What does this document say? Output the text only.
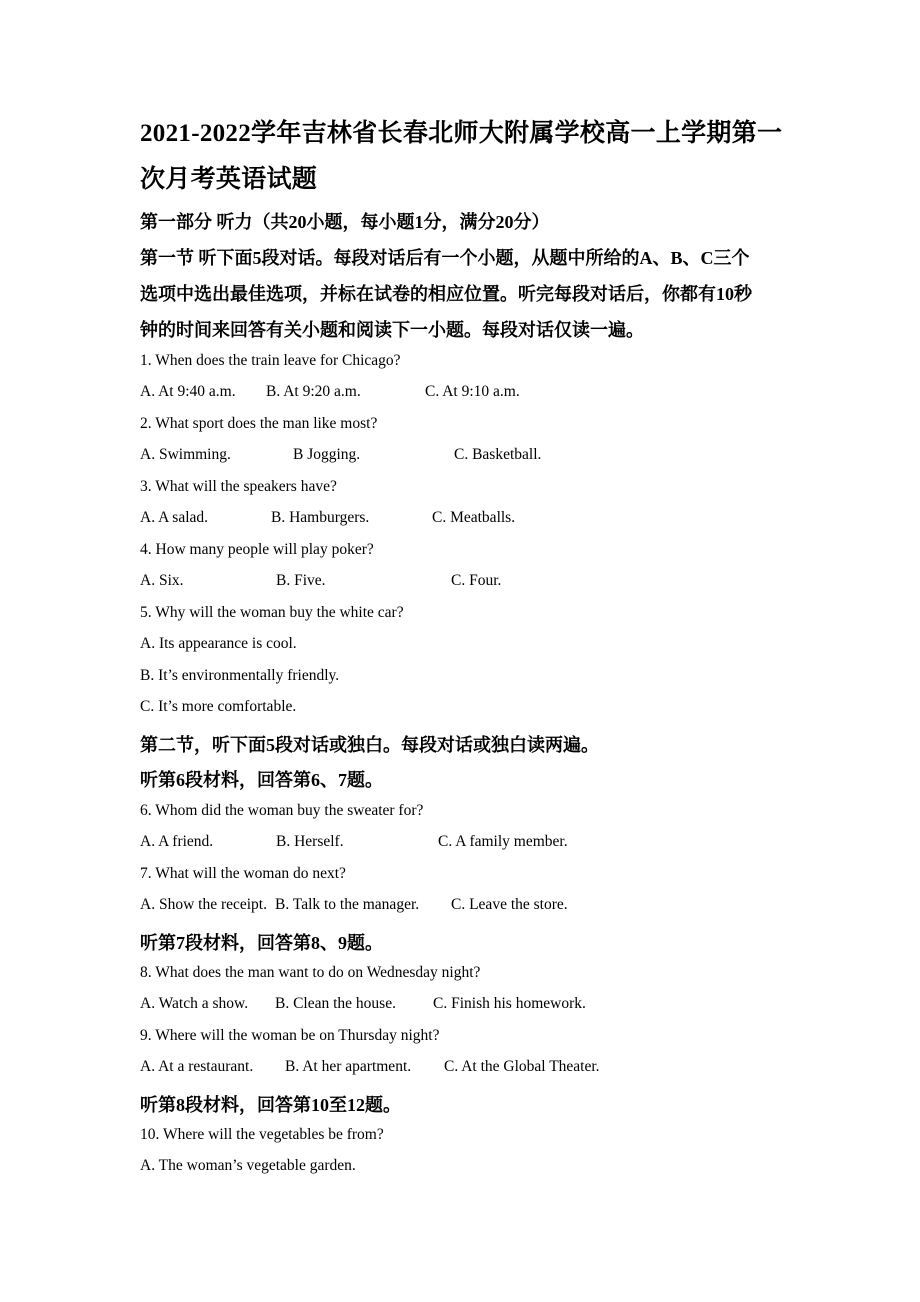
2021-2022学年吉林省长春北师大附属学校高一上学期第一
次月考英语试题
第一部分 听力（共20小题，每小题1分，满分20分）
第一节 听下面5段对话。每段对话后有一个小题，从题中所给的A、B、C三个
选项中选出最佳选项，并标在试卷的相应位置。听完每段对话后，你都有10秒
钟的时间来回答有关小题和阅读下一小题。每段对话仅读一遍。
1. When does the train leave for Chicago?
A. At 9:40 a.m. B. At 9:20 a.m.	C. At 9:10 a.m.
2. What sport does the man like most?
A. Swimming.	B Jogging.	C. Basketball.
3. What will the speakers have?
A. A salad.	B. Hamburgers.	C. Meatballs.
4. How many people will play poker?
A. Six.	B. Five.	C. Four.
5. Why will the woman buy the white car?
A. Its appearance is cool.
B. It’s environmentally friendly.
C. It’s more comfortable.
第二节，听下面5段对话或独白。每段对话或独白读两遍。
听第6段材料，回答第6、7题。
6. Whom did the woman buy the sweater for?
A. A friend.	B. Herself.	C. A family member.
7. What will the woman do next?
A. Show the receipt. B. Talk to the manager. C. Leave the store.
听第7段材料，回答第8、9题。
8. What does the man want to do on Wednesday night?
A. Watch a show. B. Clean the house. C. Finish his homework.
9. Where will the woman be on Thursday night?
A. At a restaurant. B. At her apartment. C. At the Global Theater.
听第8段材料，回答第10至12题。
10. Where will the vegetables be from?
A. The woman’s vegetable garden.
